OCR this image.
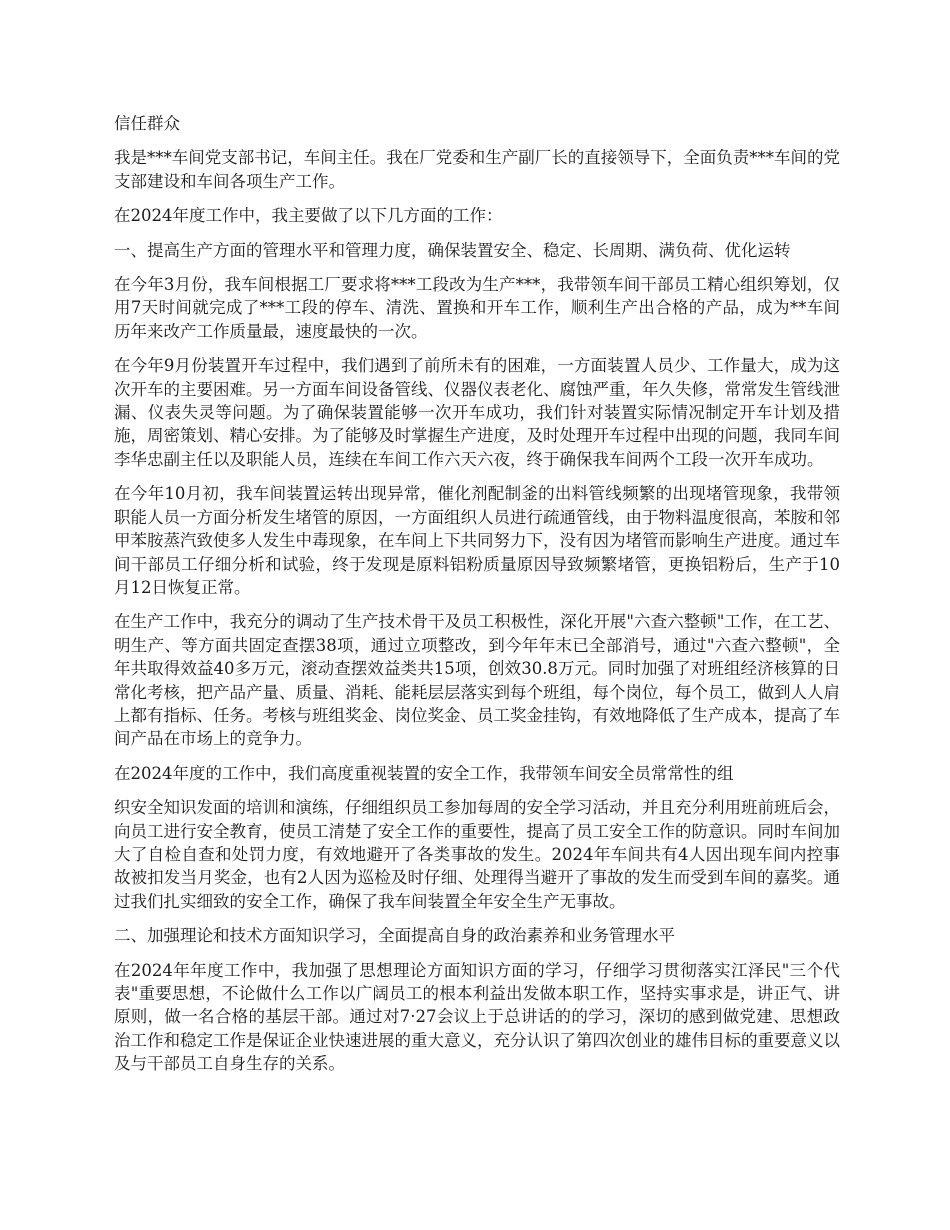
信任群众

我是***车间党支部书记，车间主任。我在厂党委和生产副厂长的直接领导下，全面负责***车间的党支部建设和车间各项生产工作。

在2024年度工作中，我主要做了以下几方面的工作：

一、提高生产方面的管理水平和管理力度，确保装置安全、稳定、长周期、满负荷、优化运转

在今年3月份，我车间根据工厂要求将***工段改为生产***，我带领车间干部员工精心组织筹划，仅用7天时间就完成了***工段的停车、清洗、置换和开车工作，顺利生产出合格的产品，成为**车间历年来改产工作质量最，速度最快的一次。

在今年9月份装置开车过程中，我们遇到了前所未有的困难，一方面装置人员少、工作量大，成为这次开车的主要困难。另一方面车间设备管线、仪器仪表老化、腐蚀严重，年久失修，常常发生管线泄漏、仪表失灵等问题。为了确保装置能够一次开车成功，我们针对装置实际情况制定开车计划及措施，周密策划、精心安排。为了能够及时掌握生产进度，及时处理开车过程中出现的问题，我同车间李华忠副主任以及职能人员，连续在车间工作六天六夜，终于确保我车间两个工段一次开车成功。

在今年10月初，我车间装置运转出现异常，催化剂配制釜的出料管线频繁的出现堵管现象，我带领职能人员一方面分析发生堵管的原因，一方面组织人员进行疏通管线，由于物料温度很高，苯胺和邻甲苯胺蒸汽致使多人发生中毒现象，在车间上下共同努力下，没有因为堵管而影响生产进度。通过车间干部员工仔细分析和试验，终于发现是原料铝粉质量原因导致频繁堵管，更换铝粉后，生产于10月12日恢复正常。

在生产工作中，我充分的调动了生产技术骨干及员工积极性，深化开展"六查六整顿"工作，在工艺、明生产、等方面共固定查摆38项，通过立项整改，到今年年末已全部消号，通过"六查六整顿"，全年共取得效益40多万元，滚动查摆效益类共15项，创效30.8万元。同时加强了对班组经济核算的日常化考核，把产品产量、质量、消耗、能耗层层落实到每个班组，每个岗位，每个员工，做到人人肩上都有指标、任务。考核与班组奖金、岗位奖金、员工奖金挂钩，有效地降低了生产成本，提高了车间产品在市场上的竞争力。

在2024年度的工作中，我们高度重视装置的安全工作，我带领车间安全员常常性的组

织安全知识发面的培训和演练，仔细组织员工参加每周的安全学习活动，并且充分利用班前班后会，向员工进行安全教育，使员工清楚了安全工作的重要性，提高了员工安全工作的防意识。同时车间加大了自检自查和处罚力度，有效地避开了各类事故的发生。2024年车间共有4人因出现车间内控事故被扣发当月奖金，也有2人因为巡检及时仔细、处理得当避开了事故的发生而受到车间的嘉奖。通过我们扎实细致的安全工作，确保了我车间装置全年安全生产无事故。

二、加强理论和技术方面知识学习，全面提高自身的政治素养和业务管理水平

在2024年年度工作中，我加强了思想理论方面知识方面的学习，仔细学习贯彻落实江泽民"三个代表"重要思想，不论做什么工作以广阔员工的根本利益出发做本职工作，坚持实事求是，讲正气、讲原则，做一名合格的基层干部。通过对7·27会议上于总讲话的的学习，深切的感到做党建、思想政治工作和稳定工作是保证企业快速进展的重大意义，充分认识了第四次创业的雄伟目标的重要意义以及与干部员工自身生存的关系。
